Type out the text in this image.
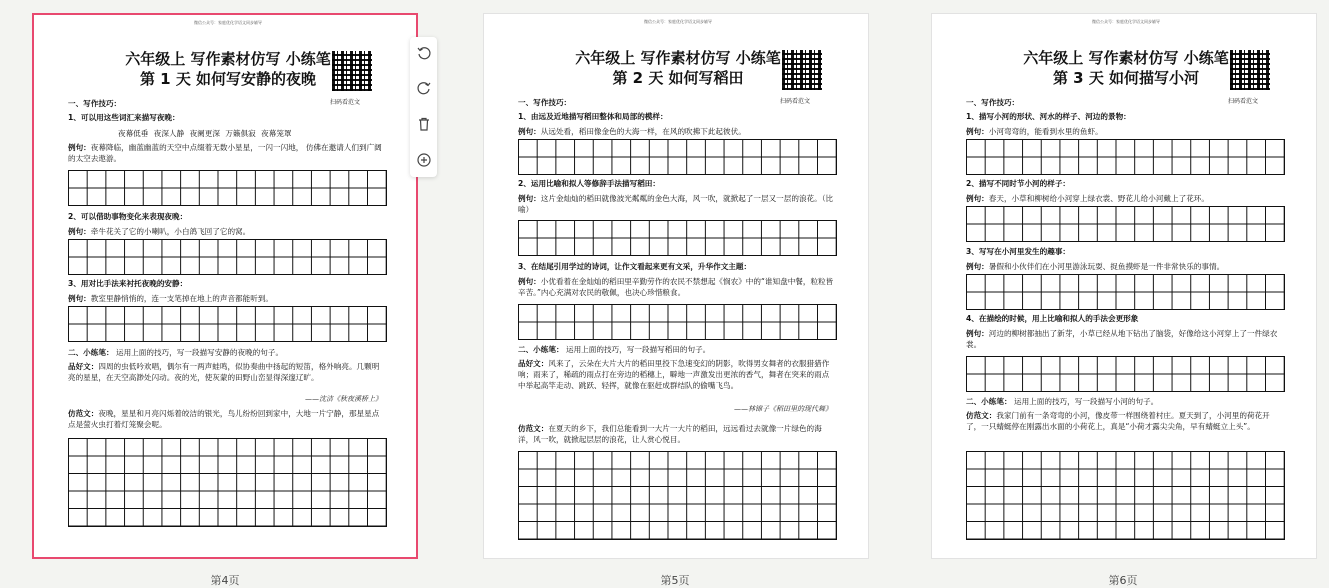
微信公众号：家庭优化学语文同步辅导
六年级上 写作素材仿写 小练笔
第 1 天 如何写安静的夜晚
扫码看范文
一、写作技巧：
1、可以用这些词汇来描写夜晚：
夜幕低垂 夜深人静 夜阑更深 万籁俱寂 夜幕笼罩
例句：夜幕降临，幽蓝幽蓝的天空中点缀着无数小星星，一闪一闪地， 仿佛在邀请人们到广阔的太空去遨游。
2、可以借助事物变化来表现夜晚：
例句：牵牛花关了它的小喇叭，小白鸽飞回了它的窝。
3、用对比手法来衬托夜晚的安静：
例句：教室里静悄悄的，连一支笔掉在地上的声音都能听到。
二、小练笔： 运用上面的技巧，写一段描写安静的夜晚的句子。
品好文：四周的虫低吟欢唱，偶尔有一两声蛙鸣，似协奏曲中扬起的短笛，格外响亮。几颗明亮的星星，在天空高渺处闪动。夜的光，使灰蒙的田野山峦显得深邃辽旷。
——沈洁《秋夜溪桥上》
仿范文：夜晚，星星和月亮闪烁着皎洁的银光，鸟儿纷纷回到家中，大地一片宁静，那星星点点是萤火虫打着灯笼聚会呢。
第4页
微信公众号：家庭优化学语文同步辅导
六年级上 写作素材仿写 小练笔
第 2 天 如何写稻田
扫码看范文
一、写作技巧：
1、由远及近地描写稻田整体和局部的模样：
例句：从远处看，稻田像金色的大海一样，在风的吹拂下此起彼伏。
2、运用比喻和拟人等修辞手法描写稻田：
例句：这片金灿灿的稻田就像波光粼粼的金色大海，风一吹，就掀起了一层又一层的浪花。（比喻）
3、在结尾引用学过的诗词，让作文看起来更有文采，升华作文主题：
例句：小优看着在金灿灿的稻田里辛勤劳作的农民不禁想起《悯农》中的“谁知盘中餐，粒粒皆辛苦。”内心充满对农民的敬佩，也决心珍惜粮食。
二、小练笔： 运用上面的技巧，写一段描写稻田的句子。
品好文：风来了，云朵在大片大片的稻田里投下急速变幻的阴影，吹得男女舞者的衣服猎猎作响；雨来了，稀疏的雨点打在旁边的稻穗上，噼地一声激发出更浓的香气，舞者在突来的雨点中举起高竿走动、跳跃、轻挥，就像在驱赶成群结队的偷嘴飞鸟。
——林锦子《稻田里的现代舞》
仿范文：在夏天的乡下，我们总能看到一大片一大片的稻田，远远看过去就像一片绿色的海洋，风一吹，就掀起层层的浪花，让人赏心悦目。
第5页
微信公众号：家庭优化学语文同步辅导
六年级上 写作素材仿写 小练笔
第 3 天 如何描写小河
扫码看范文
一、写作技巧：
1、描写小河的形状、河水的样子、河边的景物：
例句：小河弯弯的，能看到水里的鱼虾。
2、描写不同时节小河的样子：
例句：春天，小草和柳树给小河穿上绿衣裳、野花儿给小河戴上了花环。
3、写写在小河里发生的趣事：
例句：暑假和小伙伴们在小河里游泳玩耍、捉鱼摸虾是一件非常快乐的事情。
4、在描绘的时候，用上比喻和拟人的手法会更形象
例句：河边的柳树都抽出了新芽，小草已经从地下钻出了脑袋，好像给这小河穿上了一件绿衣裳。
二、小练笔： 运用上面的技巧，写一段描写小河的句子。
仿范文：我家门前有一条弯弯的小河，像皮带一样围绕着村庄。夏天到了，小河里的荷花开了，一只蜻蜓停在刚露出水面的小荷花上，真是“小荷才露尖尖角，早有蜻蜓立上头”。
第6页
